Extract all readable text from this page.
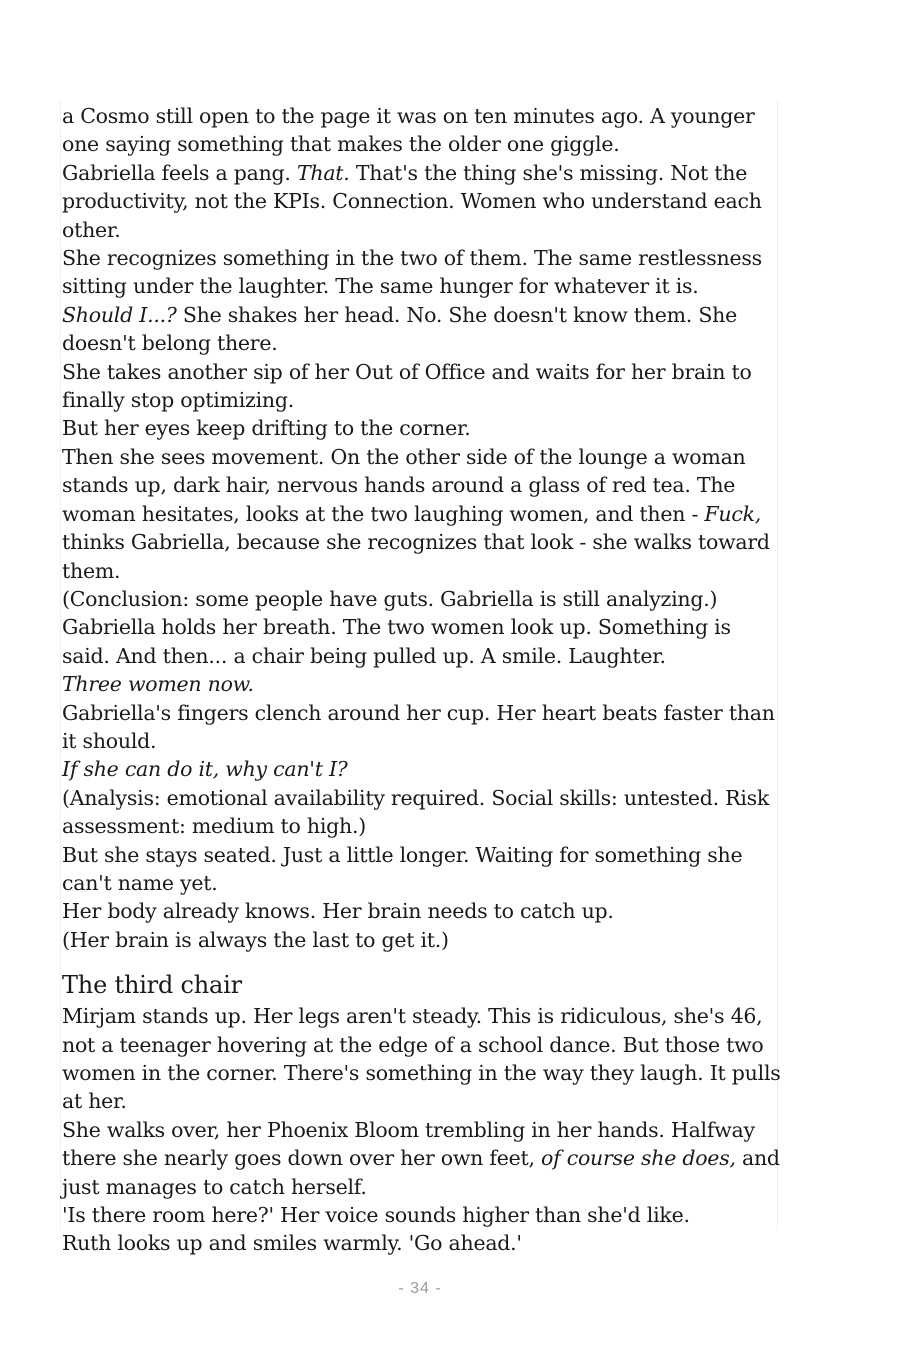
a Cosmo still open to the page it was on ten minutes ago. A younger one saying something that makes the older one giggle.

Gabriella feels a pang. That. That's the thing she's missing. Not the productivity, not the KPIs. Connection. Women who understand each other.

She recognizes something in the two of them. The same restlessness sitting under the laughter. The same hunger for whatever it is.

Should I...? She shakes her head. No. She doesn't know them. She doesn't belong there.

She takes another sip of her Out of Office and waits for her brain to finally stop optimizing.

But her eyes keep drifting to the corner.

Then she sees movement. On the other side of the lounge a woman stands up, dark hair, nervous hands around a glass of red tea. The woman hesitates, looks at the two laughing women, and then - Fuck, thinks Gabriella, because she recognizes that look - she walks toward them.

(Conclusion: some people have guts. Gabriella is still analyzing.)

Gabriella holds her breath. The two women look up. Something is said. And then... a chair being pulled up. A smile. Laughter.

Three women now.

Gabriella's fingers clench around her cup. Her heart beats faster than it should.

If she can do it, why can't I?

(Analysis: emotional availability required. Social skills: untested. Risk assessment: medium to high.)

But she stays seated. Just a little longer. Waiting for something she can't name yet.

Her body already knows. Her brain needs to catch up.

(Her brain is always the last to get it.)

The third chair

Mirjam stands up. Her legs aren't steady. This is ridiculous, she's 46, not a teenager hovering at the edge of a school dance. But those two women in the corner. There's something in the way they laugh. It pulls at her.

She walks over, her Phoenix Bloom trembling in her hands. Halfway there she nearly goes down over her own feet, of course she does, and just manages to catch herself.

'Is there room here?' Her voice sounds higher than she'd like.

Ruth looks up and smiles warmly. 'Go ahead.'

- 34 -
